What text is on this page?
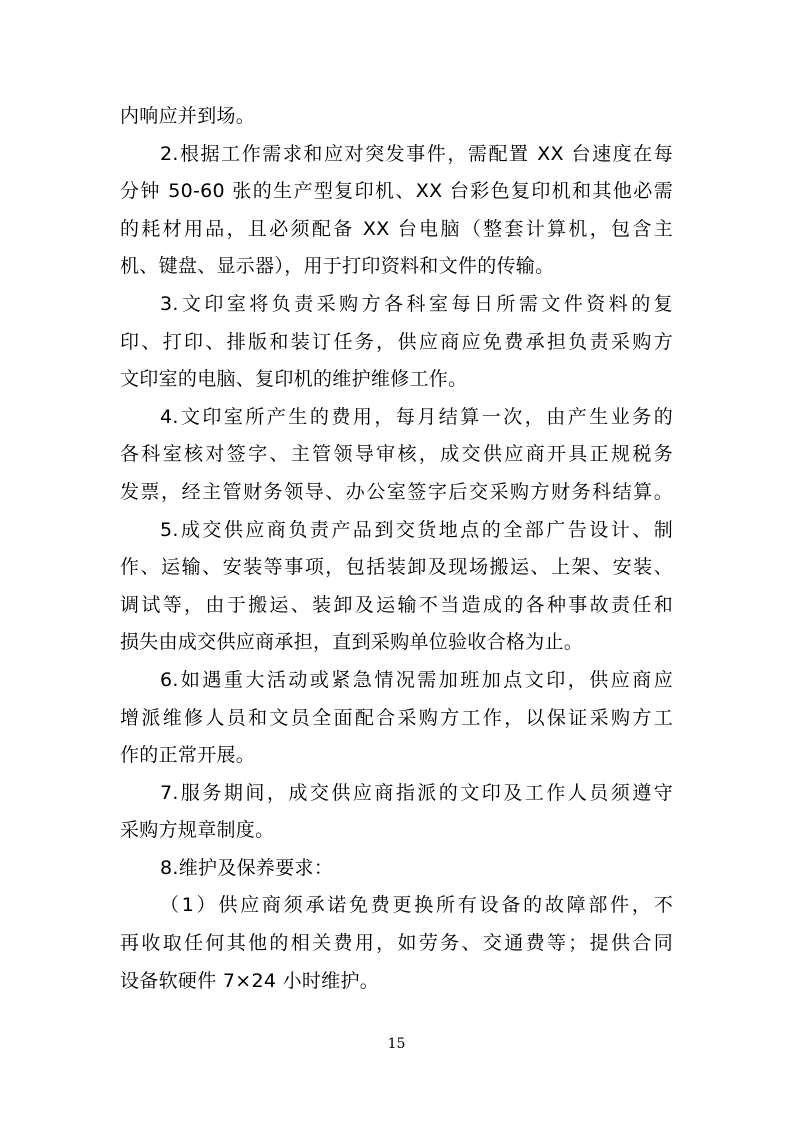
内响应并到场。
2.根据工作需求和应对突发事件，需配置 XX 台速度在每
分钟 50-60 张的生产型复印机、XX 台彩色复印机和其他必需
的耗材用品，且必须配备 XX 台电脑（整套计算机，包含主
机、键盘、显示器），用于打印资料和文件的传输。
3.文印室将负责采购方各科室每日所需文件资料的复
印、打印、排版和装订任务，供应商应免费承担负责采购方
文印室的电脑、复印机的维护维修工作。
4.文印室所产生的费用，每月结算一次，由产生业务的
各科室核对签字、主管领导审核，成交供应商开具正规税务
发票，经主管财务领导、办公室签字后交采购方财务科结算。
5.成交供应商负责产品到交货地点的全部广告设计、制
作、运输、安装等事项，包括装卸及现场搬运、上架、安装、
调试等，由于搬运、装卸及运输不当造成的各种事故责任和
损失由成交供应商承担，直到采购单位验收合格为止。
6.如遇重大活动或紧急情况需加班加点文印，供应商应
增派维修人员和文员全面配合采购方工作，以保证采购方工
作的正常开展。
7.服务期间，成交供应商指派的文印及工作人员须遵守
采购方规章制度。
8.维护及保养要求：
（1）供应商须承诺免费更换所有设备的故障部件，不
再收取任何其他的相关费用，如劳务、交通费等；提供合同
设备软硬件 7×24 小时维护。
15
